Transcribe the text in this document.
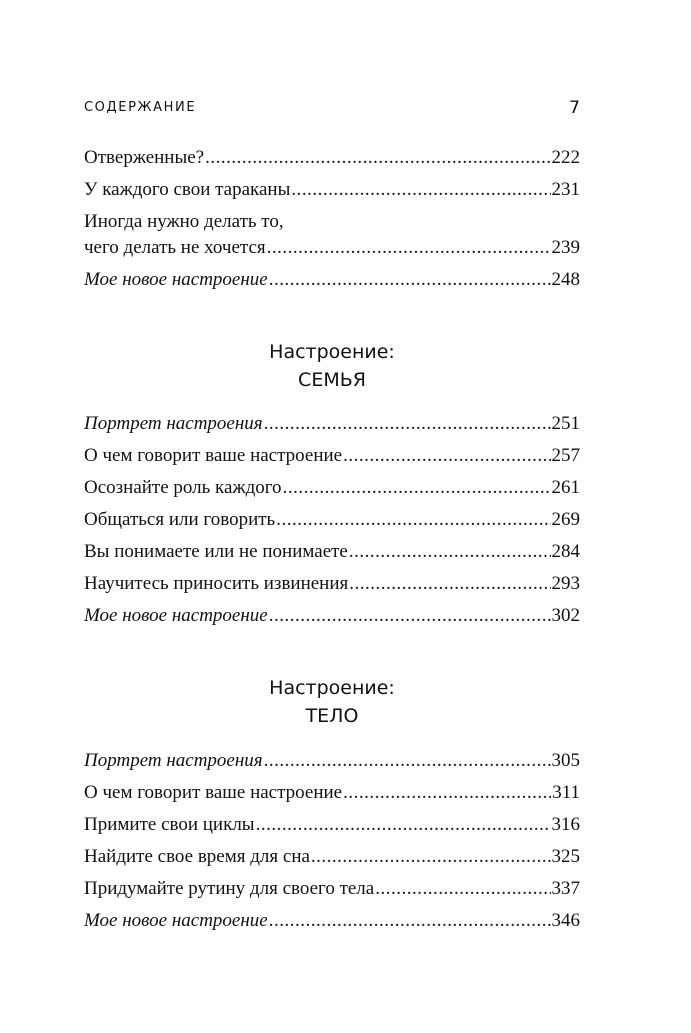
СОДЕРЖАНИЕ	7
Отверженные? .....	222
У каждого свои тараканы .....	231
Иногда нужно делать то,
чего делать не хочется .....	239
Мое новое настроение .....	248
Настроение:
СЕМЬЯ
Портрет настроения .....	251
О чем говорит ваше настроение .....	257
Осознайте роль каждого .....	261
Общаться или говорить .....	269
Вы понимаете или не понимаете .....	284
Научитесь приносить извинения .....	293
Мое новое настроение .....	302
Настроение:
ТЕЛО
Портрет настроения .....	305
О чем говорит ваше настроение .....	311
Примите свои циклы .....	316
Найдите свое время для сна .....	325
Придумайте рутину для своего тела .....	337
Мое новое настроение .....	346
